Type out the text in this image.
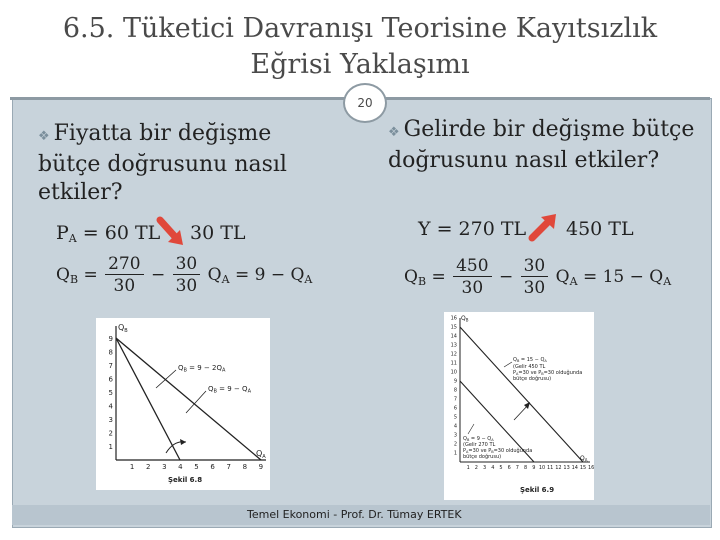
6.5. Tüketici Davranışı Teorisine Kayıtsızlık
Eğrisi Yaklaşımı
20
❖ Fiyatta bir değişme bütçe doğrusunu nasıl etkiler?
$P_A = 60$ TL 30 TL
$Q_B = \frac{270}{30} - \frac{30}{30} Q_A = 9 - Q_A$
$Q_B$
$Q_A$
1
2
3
4
5
6
7
8
9
1 2 3 4 5 6 7 8 9
$Q_B = 9 - 2Q_A$
$Q_B = 9 - Q_A$
Şekil 6.8
❖ Gelirde bir değişme bütçe doğrusunu nasıl etkiler?
Y = 270 TL 450 TL
$Q_B = \frac{450}{30} - \frac{30}{30} Q_A = 15 - Q_A$
$Q_B$
$Q_A$
1
2
3
4
5
6
7
8
9
10
11
12
13
14
15
16
1 2 3 4 5 6 7 8 9 10 11 12 13 14 15 16
$Q_B = 15 - Q_A$
(Gelir 450 TL
$P_A=30$ ve $P_B=30$ olduğunda
bütçe doğrusu)
$Q_B = 9 - Q_A$
(Gelir 270 TL
$P_A=30$ ve $P_B=30$ olduğunda
bütçe doğrusu)
Şekil 6.9
Temel Ekonomi - Prof. Dr. Tümay ERTEK
